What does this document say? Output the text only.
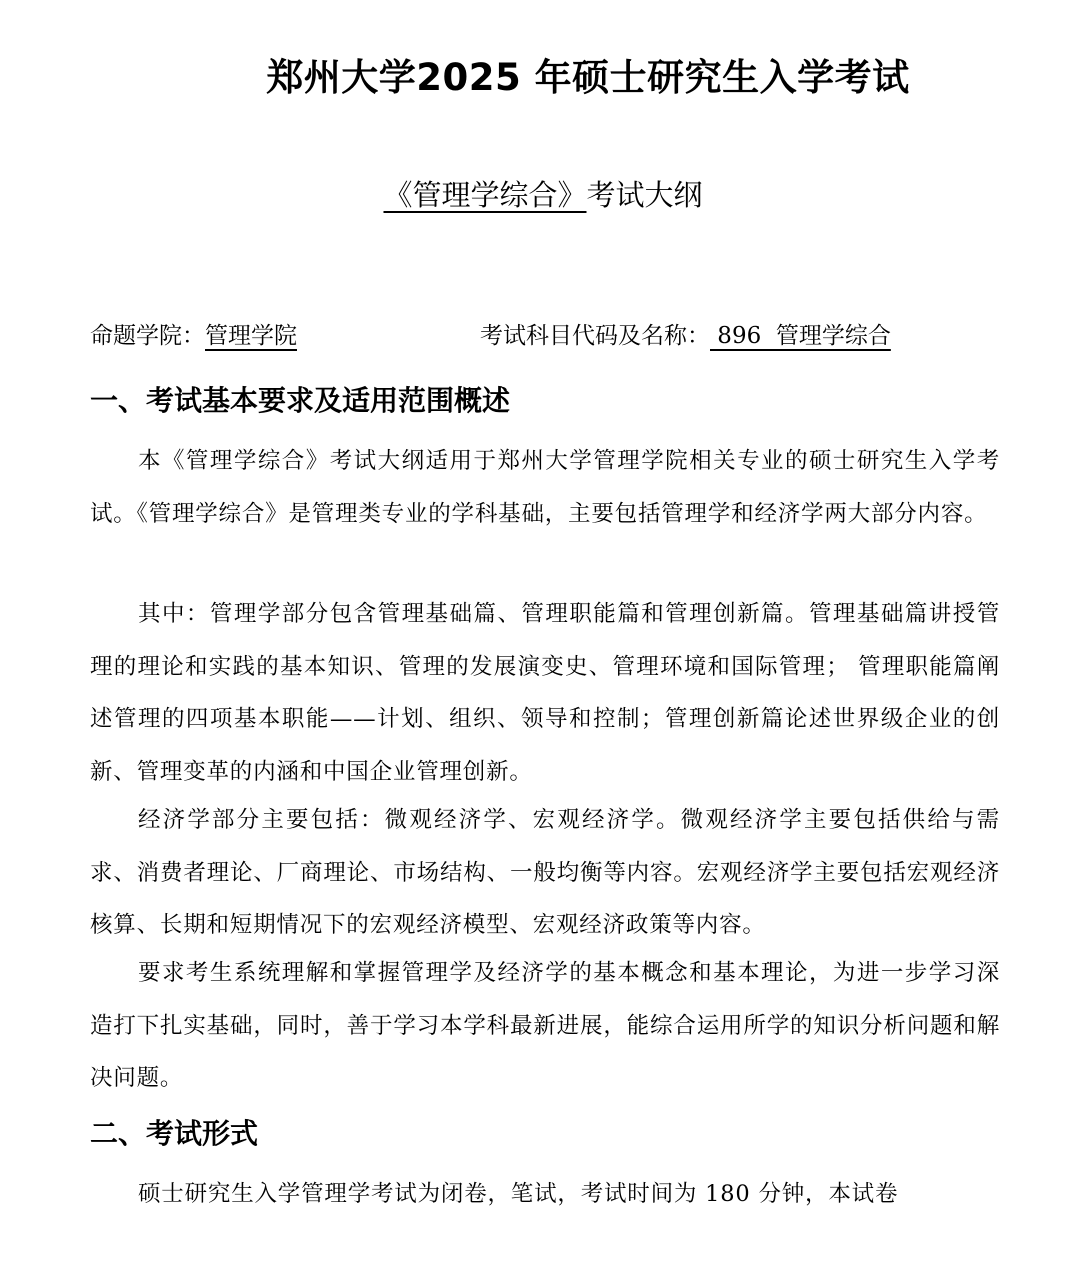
郑州大学2025 年硕士研究生入学考试
《管理学综合》考试大纲
命题学院：管理学院	考试科目代码及名称： 896  管理学综合
一、考试基本要求及适用范围概述
本《管理学综合》考试大纲适用于郑州大学管理学院相关专业的硕士研究生入学考试。《管理学综合》是管理类专业的学科基础，主要包括管理学和经济学两大部分内容。
其中：管理学部分包含管理基础篇、管理职能篇和管理创新篇。管理基础篇讲授管理的理论和实践的基本知识、管理的发展演变史、管理环境和国际管理； 管理职能篇阐述管理的四项基本职能——计划、组织、领导和控制；管理创新篇论述世界级企业的创新、管理变革的内涵和中国企业管理创新。
经济学部分主要包括：微观经济学、宏观经济学。微观经济学主要包括供给与需求、消费者理论、厂商理论、市场结构、一般均衡等内容。宏观经济学主要包括宏观经济核算、长期和短期情况下的宏观经济模型、宏观经济政策等内容。
要求考生系统理解和掌握管理学及经济学的基本概念和基本理论，为进一步学习深造打下扎实基础，同时，善于学习本学科最新进展，能综合运用所学的知识分析问题和解决问题。
二、考试形式
硕士研究生入学管理学考试为闭卷，笔试，考试时间为 180 分钟，本试卷
